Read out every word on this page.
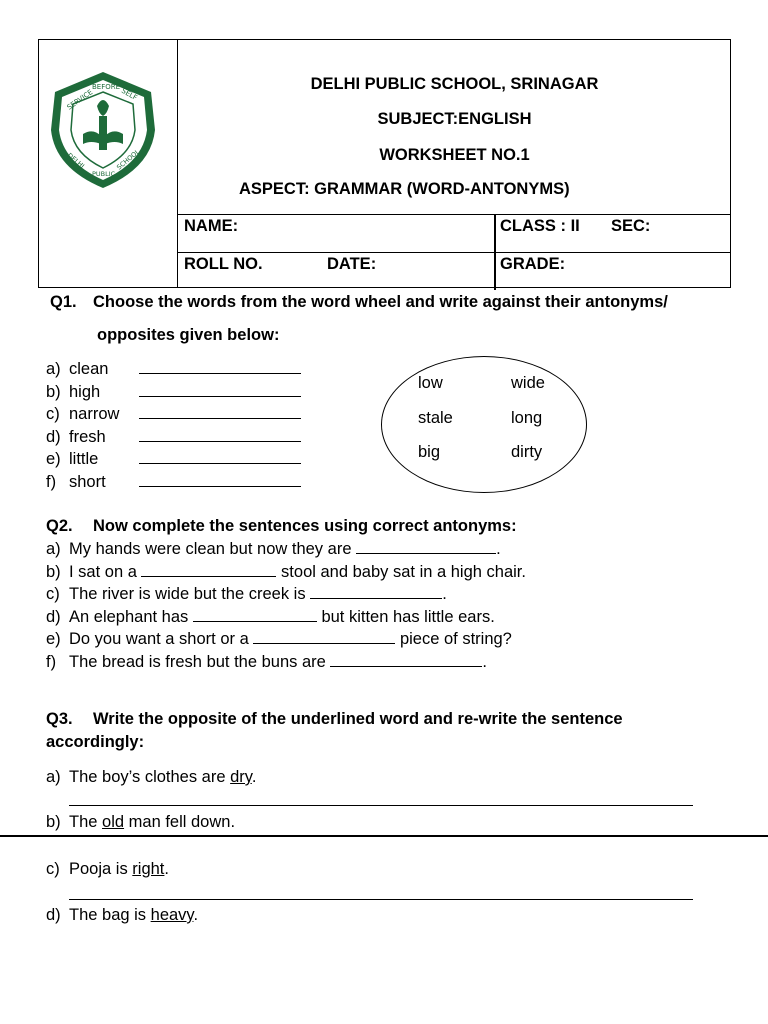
SERVICE
BEFORE SELF
DELHI
PUBLIC
SCHOOL
DELHI PUBLIC SCHOOL, SRINAGAR
SUBJECT:ENGLISH
WORKSHEET NO.1
ASPECT: GRAMMAR (WORD-ANTONYMS)
NAME:	CLASS : II SEC:
ROLL NO.	DATE:	GRADE:
Q1. Choose the words from the word wheel and write against their antonyms/
opposites given below:
a) clean
b) high
c) narrow
d) fresh
e) little
f) short
low	wide
stale	long
big	dirty
Q2. Now complete the sentences using correct antonyms:
a) My hands were clean but now they are	.
b) I sat on a	stool and baby sat in a high chair.
c) The river is wide but the creek is	.
d) An elephant has	but kitten has little ears.
e) Do you want a short or a	piece of string?
f) The bread is fresh but the buns are	.
Q3. Write the opposite of the underlined word and re-write the sentence
accordingly:
a) The boy’s clothes are dry.
b) The old man fell down.
c) Pooja is right.
d) The bag is heavy.
